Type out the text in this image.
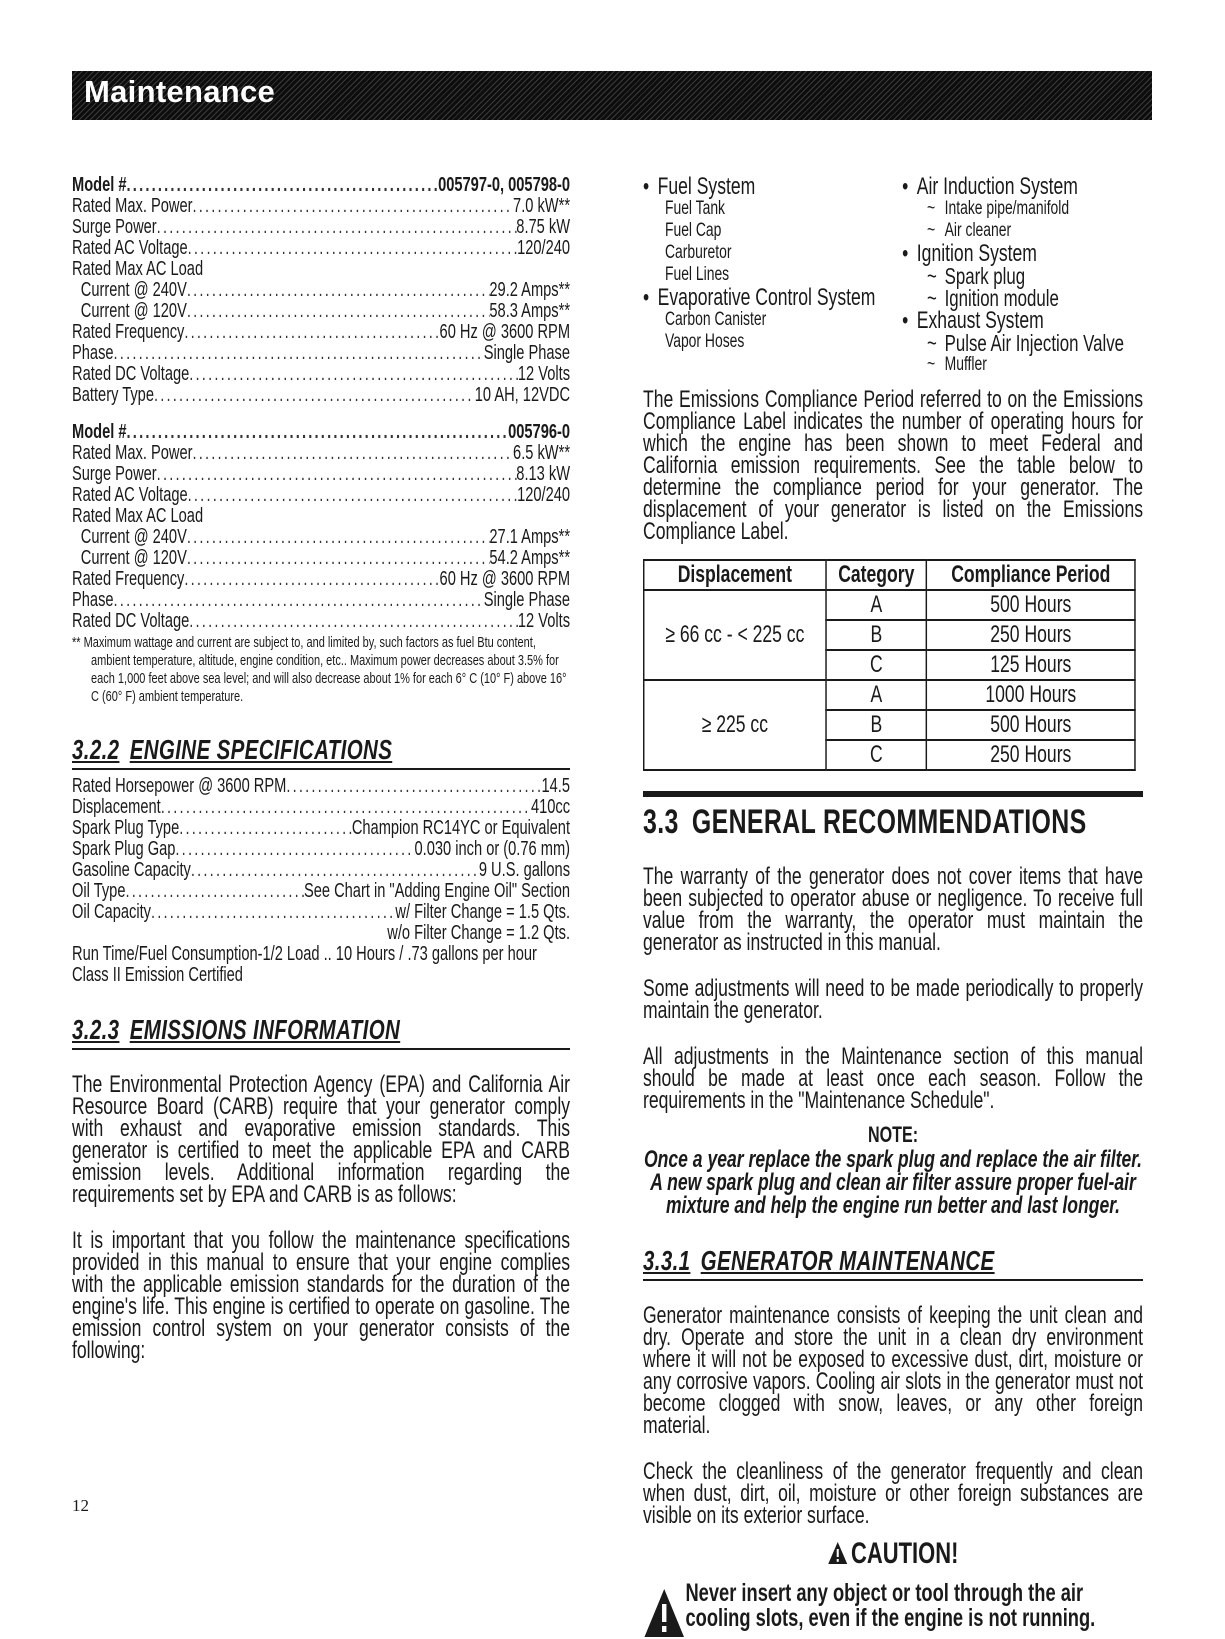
Maintenance
Model # .....	005797-0, 005798-0
Rated Max. Power .....	7.0 kW**
Surge Power .....	8.75 kW
Rated AC Voltage .....	120/240
Rated Max AC Load
Current @ 240V .....	29.2 Amps**
Current @ 120V .....	58.3 Amps**
Rated Frequency .....	60 Hz @ 3600 RPM
Phase .....	Single Phase
Rated DC Voltage .....	12 Volts
Battery Type .....	10 AH, 12VDC
Model # .....	005796-0
Rated Max. Power .....	6.5 kW**
Surge Power .....	8.13 kW
Rated AC Voltage .....	120/240
Rated Max AC Load
Current @ 240V .....	27.1 Amps**
Current @ 120V .....	54.2 Amps**
Rated Frequency .....	60 Hz @ 3600 RPM
Phase .....	Single Phase
Rated DC Voltage .....	12 Volts
** Maximum wattage and current are subject to, and limited by, such factors as fuel Btu content, ambient temperature, altitude, engine condition, etc.. Maximum power decreases about 3.5% for each 1,000 feet above sea level; and will also decrease about 1% for each 6° C (10° F) above 16° C (60° F) ambient temperature.
3.2.2 ENGINE SPECIFICATIONS
Rated Horsepower @ 3600 RPM .....	14.5
Displacement .....	410cc
Spark Plug Type .....	Champion RC14YC or Equivalent
Spark Plug Gap .....	0.030 inch or (0.76 mm)
Gasoline Capacity .....	9 U.S. gallons
Oil Type .....	See Chart in "Adding Engine Oil" Section
Oil Capacity .....	w/ Filter Change = 1.5 Qts.
w/o Filter Change = 1.2 Qts.
Run Time/Fuel Consumption-1/2 Load .. 10 Hours / .73 gallons per hour
Class II Emission Certified
3.2.3 EMISSIONS INFORMATION

The Environmental Protection Agency (EPA) and California Air Resource Board (CARB) require that your generator comply with exhaust and evaporative emission standards. This generator is certified to meet the applicable EPA and CARB emission levels. Additional information regarding the requirements set by EPA and CARB is as follows:

It is important that you follow the maintenance specifications provided in this manual to ensure that your engine complies with the applicable emission standards for the duration of the engine's life. This engine is certified to operate on gasoline. The emission control system on your generator consists of the following:

• Fuel System
Fuel Tank
Fuel Cap
Carburetor
Fuel Lines
• Evaporative Control System
Carbon Canister
Vapor Hoses
• Air Induction System
~ Intake pipe/manifold
~ Air cleaner
• Ignition System
~ Spark plug
~ Ignition module
• Exhaust System
~ Pulse Air Injection Valve
~ Muffler

The Emissions Compliance Period referred to on the Emissions Compliance Label indicates the number of operating hours for which the engine has been shown to meet Federal and California emission requirements. See the table below to determine the compliance period for your generator. The displacement of your generator is listed on the Emissions Compliance Label.

Displacement	Category	Compliance Period
≥ 66 cc - < 225 cc	A	500 Hours
	B	250 Hours
	C	125 Hours
≥ 225 cc	A	1000 Hours
	B	500 Hours
	C	250 Hours
3.3 GENERAL RECOMMENDATIONS

The warranty of the generator does not cover items that have been subjected to operator abuse or negligence. To receive full value from the warranty, the operator must maintain the generator as instructed in this manual.

Some adjustments will need to be made periodically to properly maintain the generator.

All adjustments in the Maintenance section of this manual should be made at least once each season. Follow the requirements in the "Maintenance Schedule".

NOTE:
Once a year replace the spark plug and replace the air filter.
A new spark plug and clean air filter assure proper fuel-air mixture and help the engine run better and last longer.
3.3.1 GENERATOR MAINTENANCE

Generator maintenance consists of keeping the unit clean and dry. Operate and store the unit in a clean dry environment where it will not be exposed to excessive dust, dirt, moisture or any corrosive vapors. Cooling air slots in the generator must not become clogged with snow, leaves, or any other foreign material.

Check the cleanliness of the generator frequently and clean when dust, dirt, oil, moisture or other foreign substances are visible on its exterior surface.

CAUTION!
Never insert any object or tool through the air cooling slots, even if the engine is not running.
12
